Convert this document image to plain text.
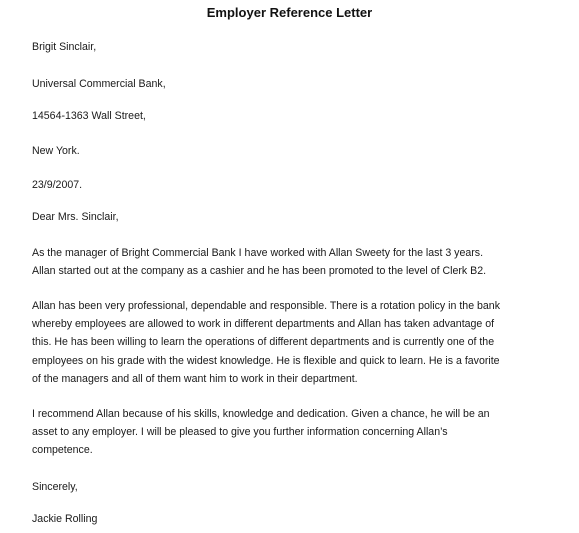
Employer Reference Letter
Brigit Sinclair,
Universal Commercial Bank,
14564-1363 Wall Street,
New York.
23/9/2007.
Dear Mrs. Sinclair,
As the manager of Bright Commercial Bank I have worked with Allan Sweety for the last 3 years.
Allan started out at the company as a cashier and he has been promoted to the level of Clerk B2.
Allan has been very professional, dependable and responsible. There is a rotation policy in the bank
whereby employees are allowed to work in different departments and Allan has taken advantage of
this. He has been willing to learn the operations of different departments and is currently one of the
employees on his grade with the widest knowledge. He is flexible and quick to learn. He is a favorite
of the managers and all of them want him to work in their department.
I recommend Allan because of his skills, knowledge and dedication. Given a chance, he will be an
asset to any employer. I will be pleased to give you further information concerning Allan’s
competence.
Sincerely,
Jackie Rolling
